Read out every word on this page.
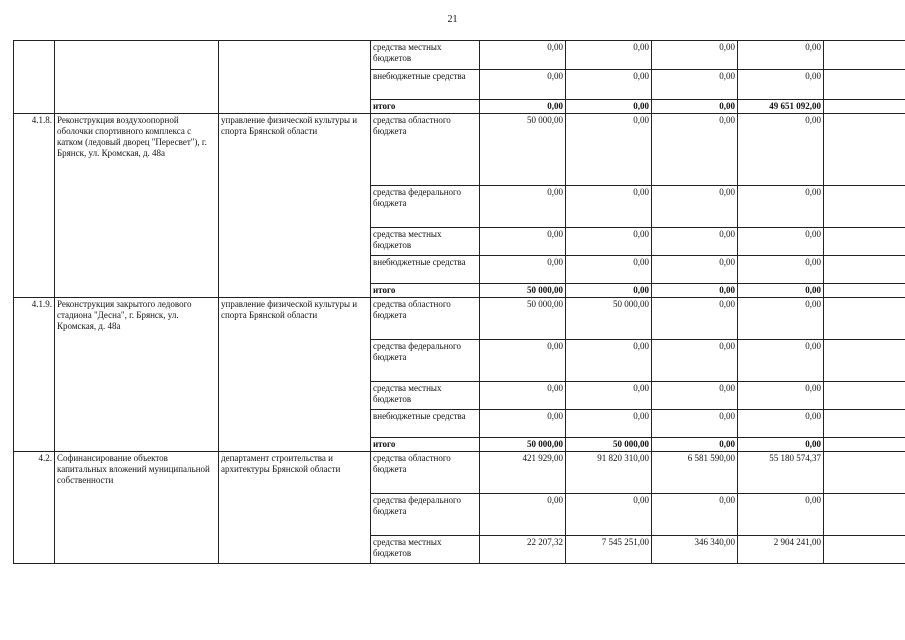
21
			средства местных бюджетов	0,00	0,00	0,00	0,00	
			внебюджетные средства	0,00	0,00	0,00	0,00	
			итого	0,00	0,00	0,00	49 651 092,00	
4.1.8.	Реконструкция воздухоопорной оболочки спортивного комплекса с катком (ледовый дворец "Пересвет"), г. Брянск, ул. Кромская, д. 48а	управление физической культуры и спорта Брянской области	средства областного бюджета	50 000,00	0,00	0,00	0,00	
			средства федерального бюджета	0,00	0,00	0,00	0,00	
			средства местных бюджетов	0,00	0,00	0,00	0,00	
			внебюджетные средства	0,00	0,00	0,00	0,00	
			итого	50 000,00	0,00	0,00	0,00	
4.1.9.	Реконструкция закрытого ледового стадиона "Десна", г. Брянск, ул. Кромская, д. 48а	управление физической культуры и спорта Брянской области	средства областного бюджета	50 000,00	50 000,00	0,00	0,00	
			средства федерального бюджета	0,00	0,00	0,00	0,00	
			средства местных бюджетов	0,00	0,00	0,00	0,00	
			внебюджетные средства	0,00	0,00	0,00	0,00	
			итого	50 000,00	50 000,00	0,00	0,00	
4.2.	Софинансирование объектов капитальных вложений муниципальной собственности	департамент строительства и архитектуры Брянской области	средства областного бюджета	421 929,00	91 820 310,00	6 581 590,00	55 180 574,37	
			средства федерального бюджета	0,00	0,00	0,00	0,00	
			средства местных бюджетов	22 207,32	7 545 251,00	346 340,00	2 904 241,00	
